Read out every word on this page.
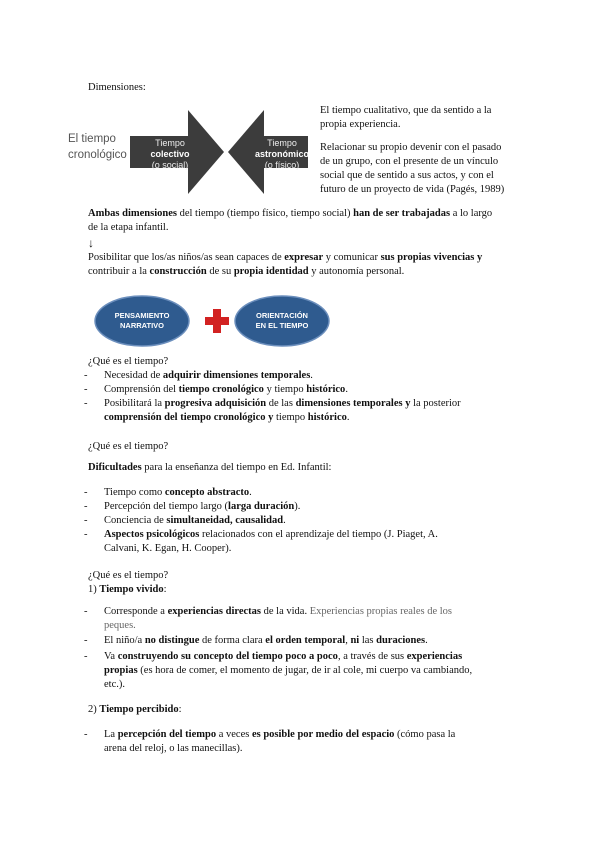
Dimensiones:
El tiempo
cronológico
Tiempo
colectivo
(o social)
Tiempo
astronómico
(o físico)
El tiempo cualitativo, que da sentido a la
propia experiencia.
Relacionar su propio devenir con el pasado
de un grupo, con el presente de un vínculo
social que de sentido a sus actos, y con el
futuro de un proyecto de vida (Pagés, 1989)
Ambas dimensiones del tiempo (tiempo físico, tiempo social) han de ser trabajadas a lo largo
de la etapa infantil.
↓
Posibilitar que los/as niños/as sean capaces de expresar y comunicar sus propias vivencias y
contribuir a la construcción de su propia identidad y autonomía personal.
PENSAMIENTO
NARRATIVO
ORIENTACIÓN
EN EL TIEMPO
¿Qué es el tiempo?
- Necesidad de adquirir dimensiones temporales.
- Comprensión del tiempo cronológico y tiempo histórico.
- Posibilitará la progresiva adquisición de las dimensiones temporales y la posterior
comprensión del tiempo cronológico y tiempo histórico.
¿Qué es el tiempo?
Dificultades para la enseñanza del tiempo en Ed. Infantil:
- Tiempo como concepto abstracto.
- Percepción del tiempo largo (larga duración).
- Conciencia de simultaneidad, causalidad.
- Aspectos psicológicos relacionados con el aprendizaje del tiempo (J. Piaget, A.
Calvani, K. Egan, H. Cooper).
¿Qué es el tiempo?
1) Tiempo vivido:
- Corresponde a experiencias directas de la vida. Experiencias propias reales de los
peques.
- El niño/a no distingue de forma clara el orden temporal, ni las duraciones.
- Va construyendo su concepto del tiempo poco a poco, a través de sus experiencias
propias (es hora de comer, el momento de jugar, de ir al cole, mi cuerpo va cambiando,
etc.).
2) Tiempo percibido:
- La percepción del tiempo a veces es posible por medio del espacio (cómo pasa la
arena del reloj, o las manecillas).
